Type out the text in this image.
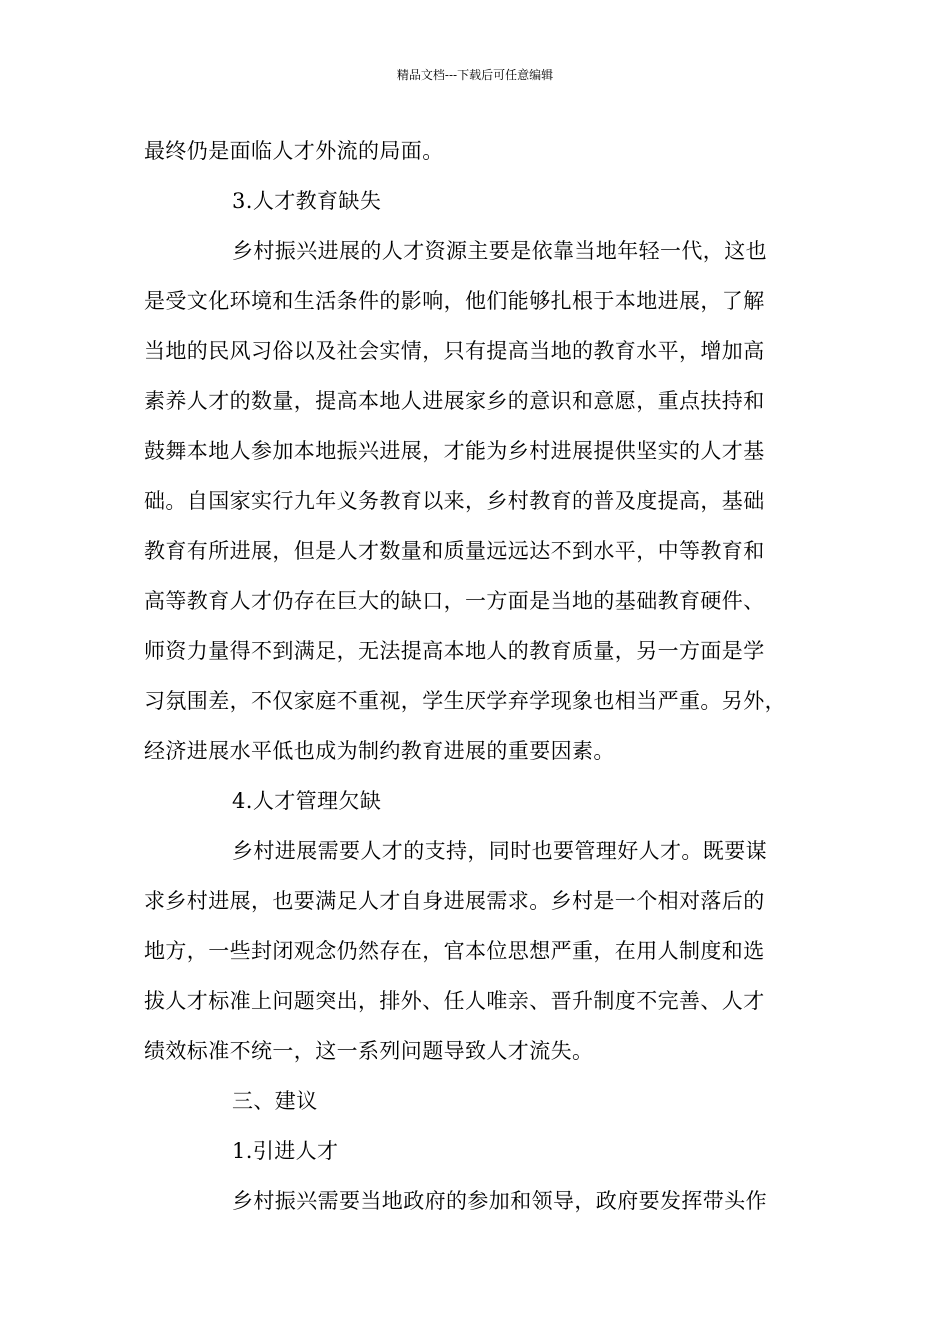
精品文档---下载后可任意编辑
最终仍是面临人才外流的局面。
3.人才教育缺失
乡村振兴进展的人才资源主要是依靠当地年轻一代，这也
是受文化环境和生活条件的影响，他们能够扎根于本地进展，了解
当地的民风习俗以及社会实情，只有提高当地的教育水平，增加高
素养人才的数量，提高本地人进展家乡的意识和意愿，重点扶持和
鼓舞本地人参加本地振兴进展，才能为乡村进展提供坚实的人才基
础。自国家实行九年义务教育以来，乡村教育的普及度提高，基础
教育有所进展，但是人才数量和质量远远达不到水平，中等教育和
高等教育人才仍存在巨大的缺口，一方面是当地的基础教育硬件、
师资力量得不到满足，无法提高本地人的教育质量，另一方面是学
习氛围差，不仅家庭不重视，学生厌学弃学现象也相当严重。另外，
经济进展水平低也成为制约教育进展的重要因素。
4.人才管理欠缺
乡村进展需要人才的支持，同时也要管理好人才。既要谋
求乡村进展，也要满足人才自身进展需求。乡村是一个相对落后的
地方，一些封闭观念仍然存在，官本位思想严重，在用人制度和选
拔人才标准上问题突出，排外、任人唯亲、晋升制度不完善、人才
绩效标准不统一，这一系列问题导致人才流失。
三、建议
1.引进人才
乡村振兴需要当地政府的参加和领导，政府要发挥带头作
